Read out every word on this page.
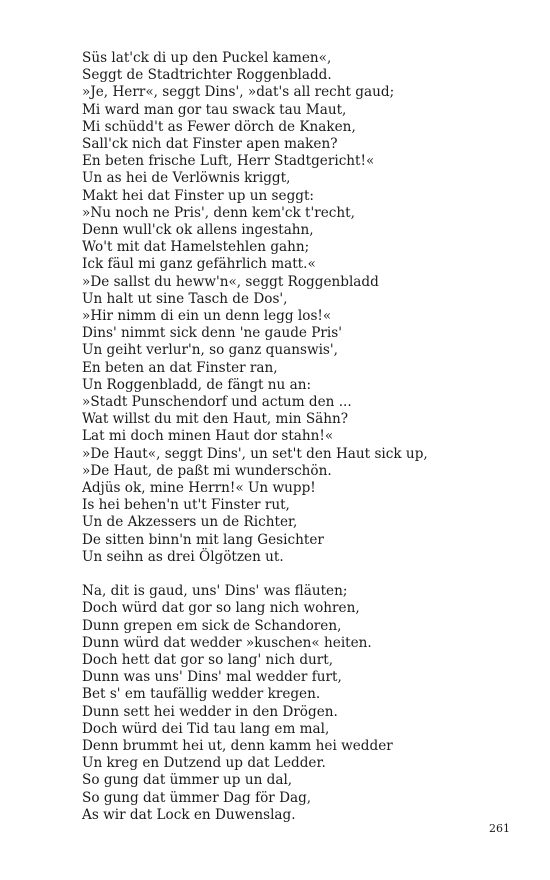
Süs lat'ck di up den Puckel kamen«,
Seggt de Stadtrichter Roggenbladd.
»Je, Herr«, seggt Dins', »dat's all recht gaud;
Mi ward man gor tau swack tau Maut,
Mi schüdd't as Fewer dörch de Knaken,
Sall'ck nich dat Finster apen maken?
En beten frische Luft, Herr Stadtgericht!«
Un as hei de Verlöwnis kriggt,
Makt hei dat Finster up un seggt:
»Nu noch ne Pris', denn kem'ck t'recht,
Denn wull'ck ok allens ingestahn,
Wo't mit dat Hamelstehlen gahn;
Ick fäul mi ganz gefährlich matt.«
»De sallst du heww'n«, seggt Roggenbladd
Un halt ut sine Tasch de Dos',
»Hir nimm di ein un denn legg los!«
Dins' nimmt sick denn 'ne gaude Pris'
Un geiht verlur'n, so ganz quanswis',
En beten an dat Finster ran,
Un Roggenbladd, de fängt nu an:
»Stadt Punschendorf und actum den ...
Wat willst du mit den Haut, min Sähn?
Lat mi doch minen Haut dor stahn!«
»De Haut«, seggt Dins', un set't den Haut sick up,
»De Haut, de paßt mi wunderschön.
Adjüs ok, mine Herrn!« Un wupp!
Is hei behen'n ut't Finster rut,
Un de Akzessers un de Richter,
De sitten binn'n mit lang Gesichter
Un seihn as drei Ölgötzen ut.
Na, dit is gaud, uns' Dins' was fläuten;
Doch würd dat gor so lang nich wohren,
Dunn grepen em sick de Schandoren,
Dunn würd dat wedder »kuschen« heiten.
Doch hett dat gor so lang' nich durt,
Dunn was uns' Dins' mal wedder furt,
Bet s' em taufällig wedder kregen.
Dunn sett hei wedder in den Drögen.
Doch würd dei Tid tau lang em mal,
Denn brummt hei ut, denn kamm hei wedder
Un kreg en Dutzend up dat Ledder.
So gung dat ümmer up un dal,
So gung dat ümmer Dag för Dag,
As wir dat Lock en Duwenslag.
261
